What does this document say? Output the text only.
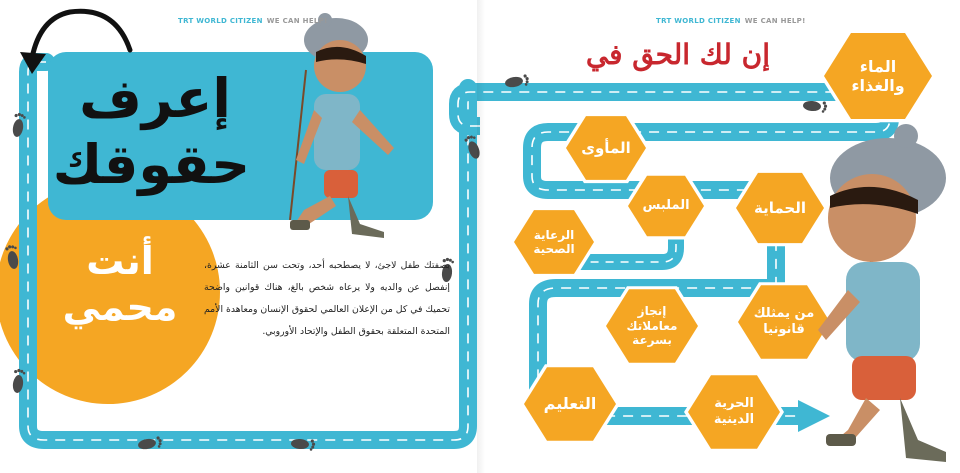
TRT WORLD CITIZEN WE CAN HELP!
إعرف
حقوقك
أنت
محمي
بصفتك طفل لاجئ، لا يصطحبه أحد، وتحت سن الثامنة عشرة، إنفصل عن والديه ولا يرعاه شخص بالغ، هناك قوانين واضحة تحميك في كل من الإعلان العالمي لحقوق الإنسان ومعاهدة الأمم المتحدة المتعلقة بحقوق الطفل والإتحاد الأوروبي.
TRT WORLD CITIZEN WE CAN HELP!
إن لك الحق في	الماء
والغذاء
المأوى
الحماية
الملبس
الرعاية
الصحية
من يمثلك
قانونيا
إنجاز
معاملاتك
بسرعة
التعليم	الحرية
الدينية
